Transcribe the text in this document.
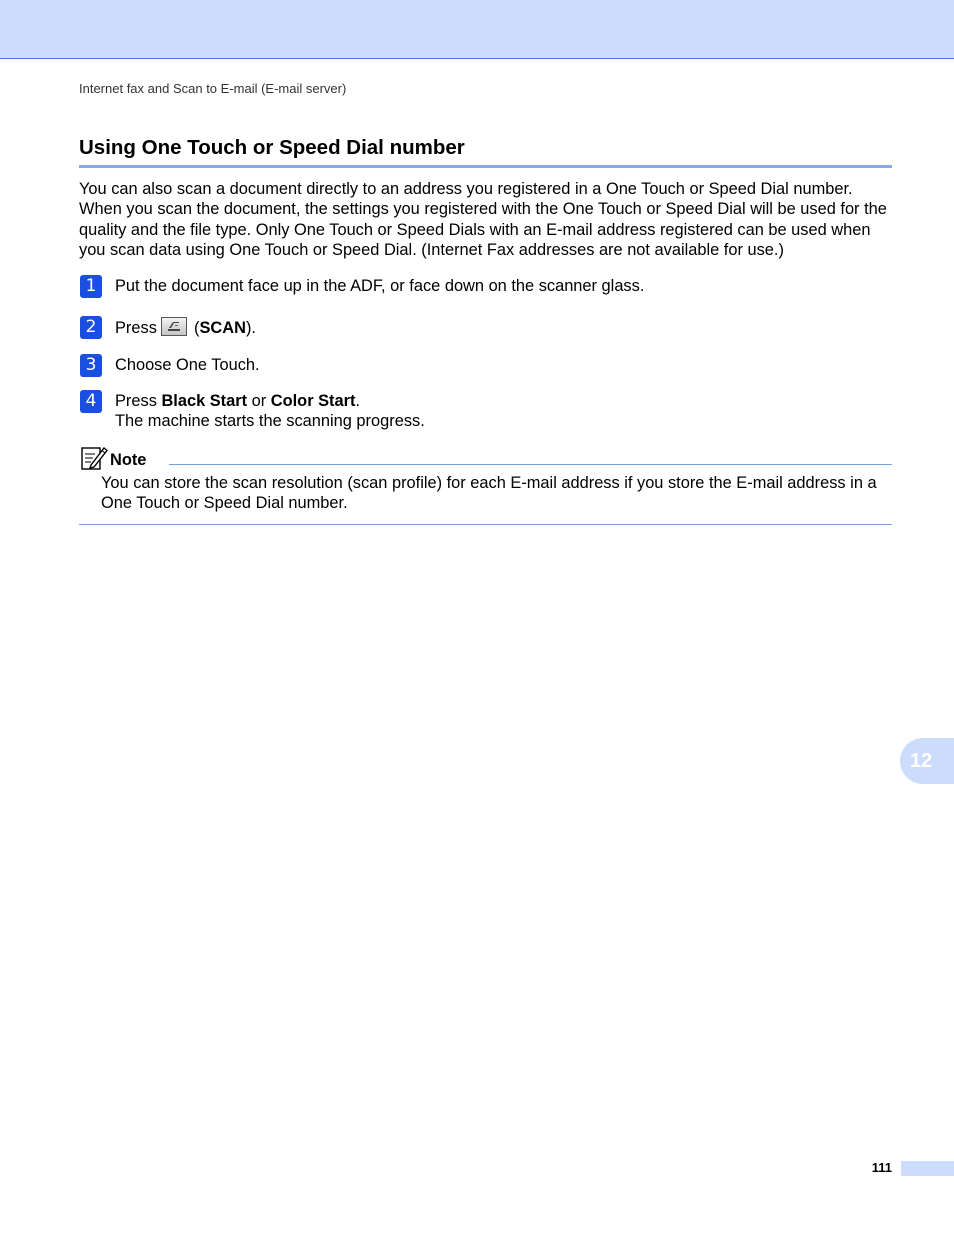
Internet fax and Scan to E-mail (E-mail server)
Using One Touch or Speed Dial number

You can also scan a document directly to an address you registered in a One Touch or Speed Dial number. When you scan the document, the settings you registered with the One Touch or Speed Dial will be used for the quality and the file type. Only One Touch or Speed Dials with an E-mail address registered can be used when you scan data using One Touch or Speed Dial. (Internet Fax addresses are not available for use.)

1	Put the document face up in the ADF, or face down on the scanner glass.
2	Press
(SCAN).
3	Choose One Touch.
4	Press Black Start or Color Start.
The machine starts the scanning progress.
Note

You can store the scan resolution (scan profile) for each E-mail address if you store the E-mail address in a One Touch or Speed Dial number.

12
111
